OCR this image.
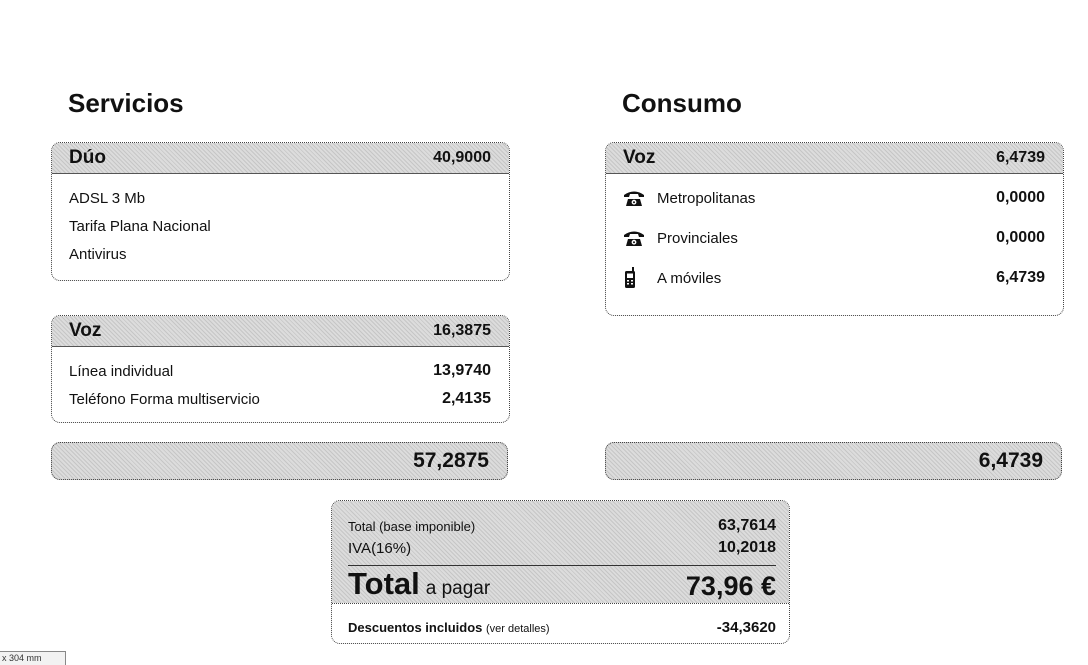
Servicios	Consumo
Dúo	40,9000
ADSL 3 Mb
Tarifa Plana Nacional
Antivirus
Voz	16,3875
Línea individual	13,9740
Teléfono Forma multiservicio	2,4135
57,2875
Voz	6,4739
Metropolitanas	0,0000
Provinciales	0,0000
A móviles	6,4739
6,4739
Total (base imponible)	63,7614
IVA(16%)	10,2018
Total a pagar	73,96 €
Descuentos incluidos (ver detalles)	-34,3620
x 304 mm
